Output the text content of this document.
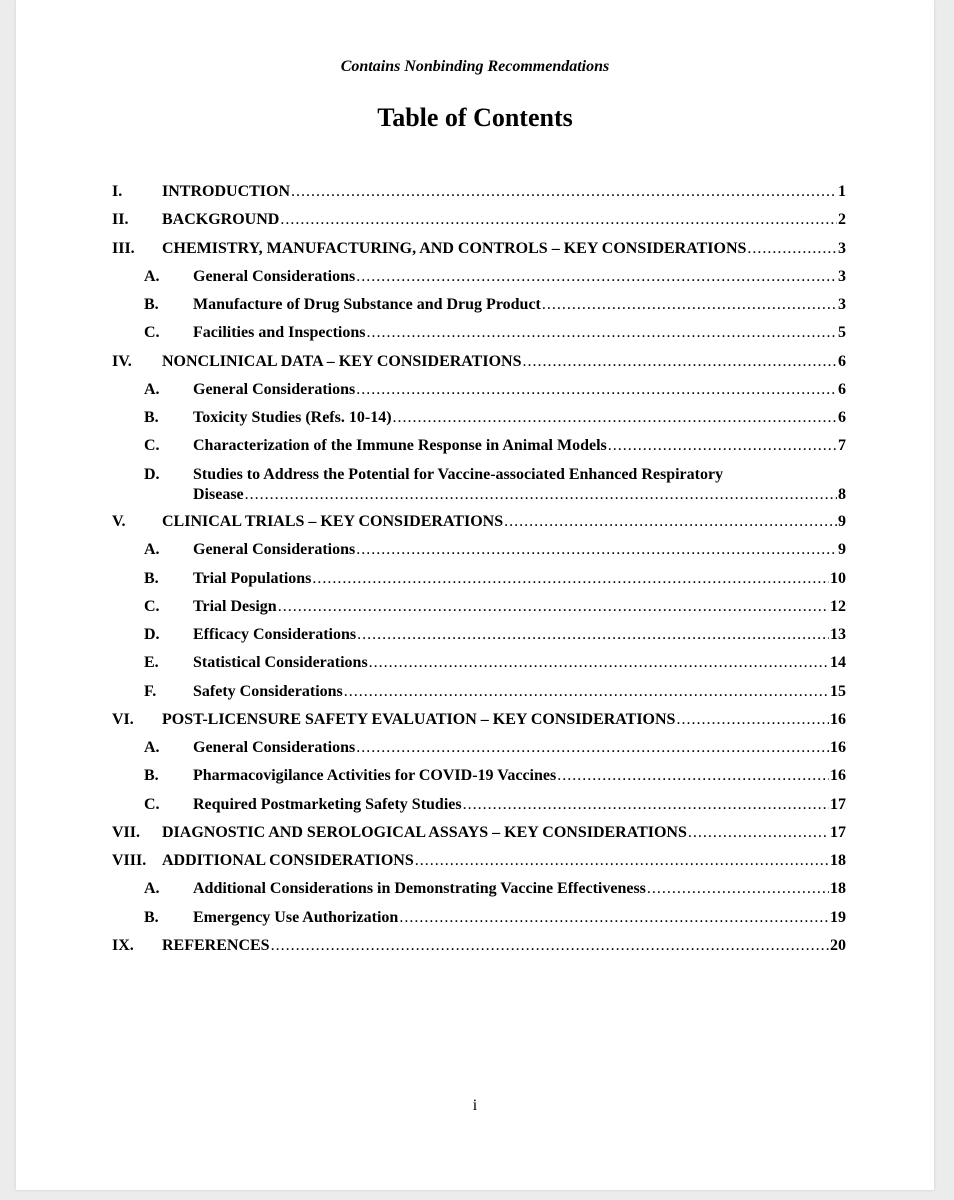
Contains Nonbinding Recommendations
Table of Contents
I. INTRODUCTION .....	1
II. BACKGROUND .....	2
III. CHEMISTRY, MANUFACTURING, AND CONTROLS – KEY CONSIDERATIONS .....	3
A. General Considerations .....	3
B. Manufacture of Drug Substance and Drug Product .....	3
C. Facilities and Inspections .....	5
IV. NONCLINICAL DATA – KEY CONSIDERATIONS .....	6
A. General Considerations .....	6
B. Toxicity Studies (Refs. 10-14) .....	6
C. Characterization of the Immune Response in Animal Models .....	7
D. Studies to Address the Potential for Vaccine-associated Enhanced Respiratory
Disease .....	8
V. CLINICAL TRIALS – KEY CONSIDERATIONS .....	9
A. General Considerations .....	9
B. Trial Populations .....	10
C. Trial Design .....	12
D. Efficacy Considerations .....	13
E. Statistical Considerations .....	14
F. Safety Considerations .....	15
VI. POST-LICENSURE SAFETY EVALUATION – KEY CONSIDERATIONS .....	16
A. General Considerations .....	16
B. Pharmacovigilance Activities for COVID-19 Vaccines .....	16
C. Required Postmarketing Safety Studies .....	17
VII. DIAGNOSTIC AND SEROLOGICAL ASSAYS – KEY CONSIDERATIONS .....	17
VIII. ADDITIONAL CONSIDERATIONS .....	18
A. Additional Considerations in Demonstrating Vaccine Effectiveness .....	18
B. Emergency Use Authorization .....	19
IX. REFERENCES .....	20
i
